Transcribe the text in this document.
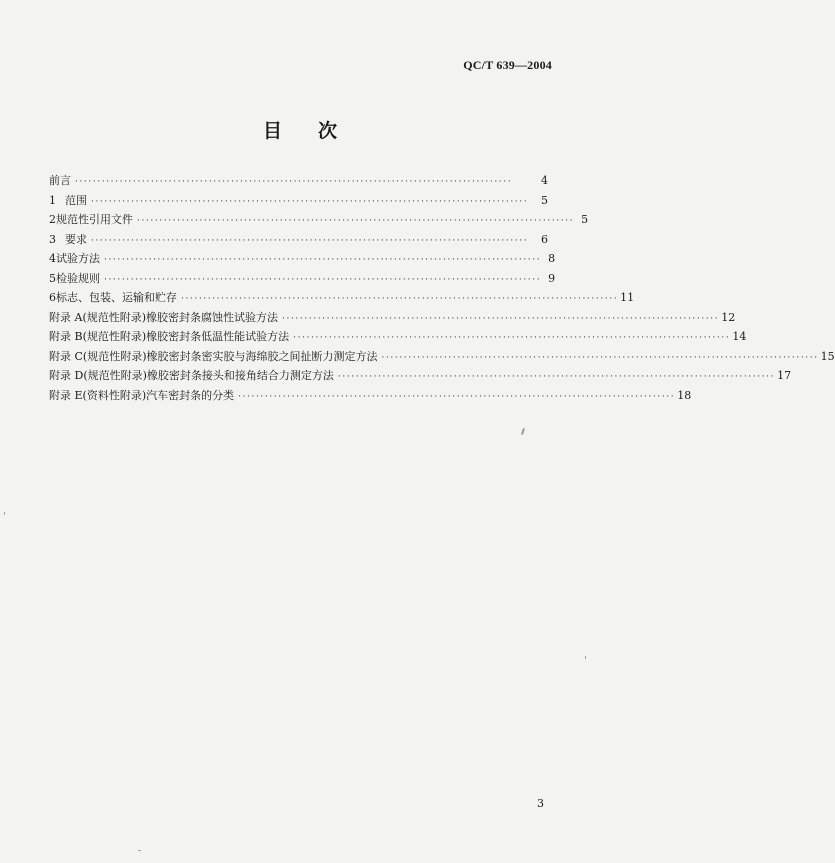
QC/T 639—2004
目 次
前言 ··································································································	4
1 范围 ··································································································	5
2 规范性引用文件 ·································································································· 5
3 要求 ··································································································	6
4 试验方法 ·································································································· 8
5 检验规则 ·································································································· 9
6 标志、包装、运输和贮存 ·································································································· 11
附录 A(规范性附录) 橡胶密封条腐蚀性试验方法 ·································································································· 12
附录 B(规范性附录) 橡胶密封条低温性能试验方法 ·································································································· 14
附录 C(规范性附录) 橡胶密封条密实胶与海绵胶之间扯断力测定方法 ·································································································· 15
附录 D(规范性附录) 橡胶密封条接头和接角结合力测定方法 ·································································································· 17
附录 E(资料性附录) 汽车密封条的分类 ·································································································· 18
3
